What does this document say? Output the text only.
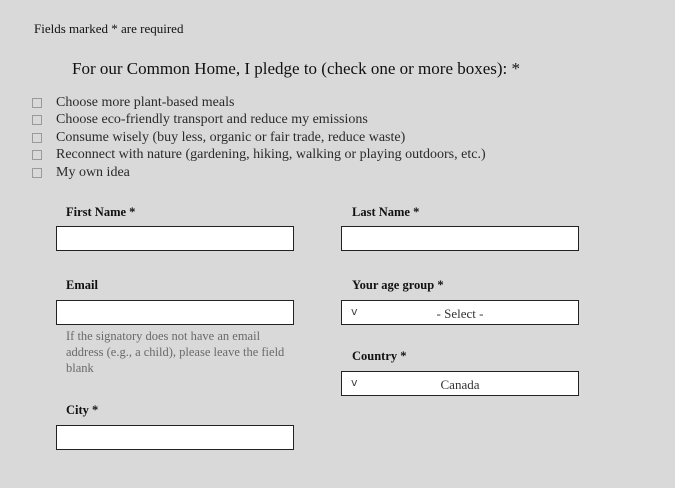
Fields marked * are required
For our Common Home, I pledge to (check one or more boxes): *
Choose more plant-based meals
Choose eco-friendly transport and reduce my emissions
Consume wisely (buy less, organic or fair trade, reduce waste)
Reconnect with nature (gardening, hiking, walking or playing outdoors, etc.)
My own idea
First Name *	Last Name *
Email
If the signatory does not have an email address (e.g., a child), please leave the field blank
Your age group *
v	- Select -
Country *
v	Canada
City *
